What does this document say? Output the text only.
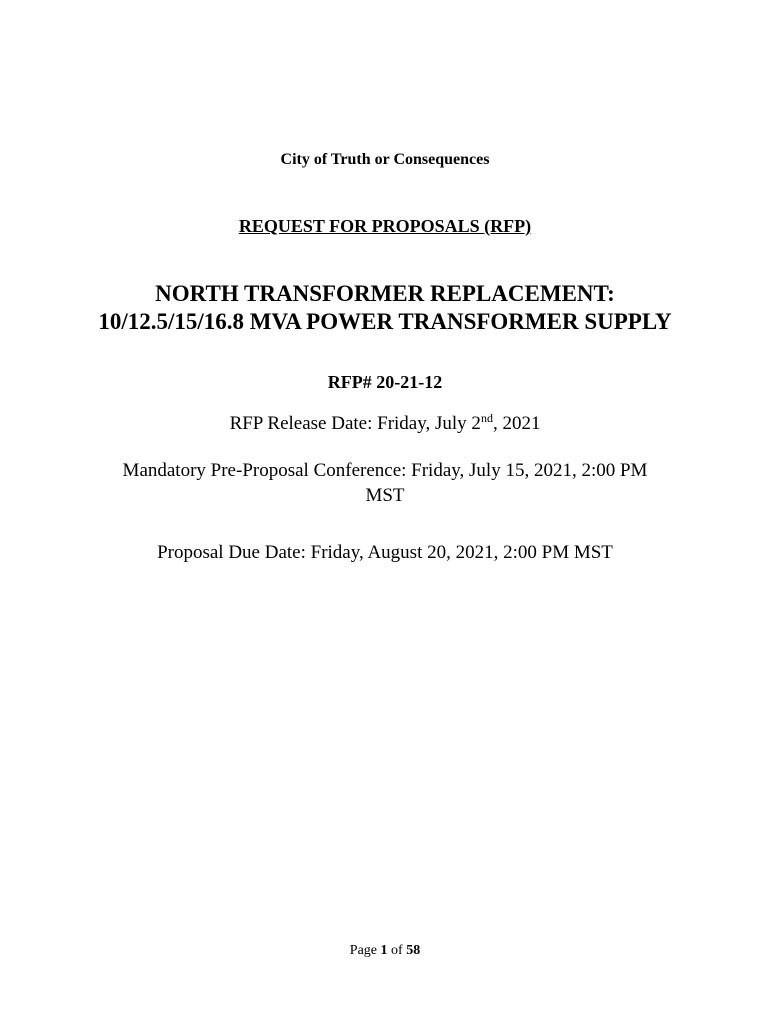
City of Truth or Consequences
REQUEST FOR PROPOSALS (RFP)
NORTH TRANSFORMER REPLACEMENT:
10/12.5/15/16.8 MVA POWER TRANSFORMER SUPPLY
RFP# 20-21-12
RFP Release Date: Friday, July 2nd, 2021
Mandatory Pre-Proposal Conference: Friday, July 15, 2021, 2:00 PM
MST
Proposal Due Date: Friday, August 20, 2021, 2:00 PM MST
Page 1 of 58
